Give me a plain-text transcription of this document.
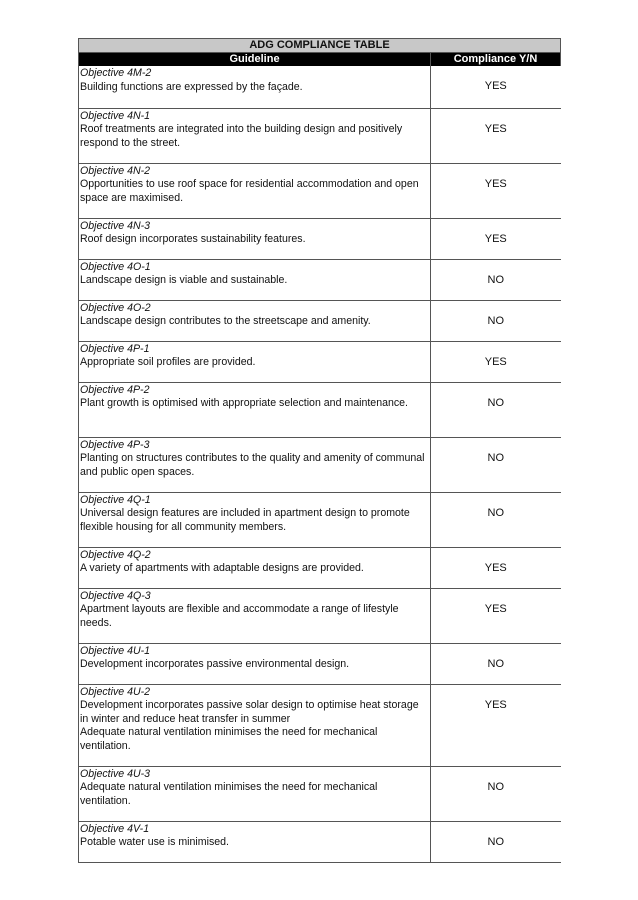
ADG COMPLIANCE TABLE	
Guideline	Compliance Y/N

Objective 4M-2
Building functions are expressed by the façade.	YES

Objective 4N-1
Roof treatments are integrated into the building design and positively respond to the street.	YES

Objective 4N-2
Opportunities to use roof space for residential accommodation and open space are maximised.	YES

Objective 4N-3
Roof design incorporates sustainability features.	YES

Objective 4O-1
Landscape design is viable and sustainable.	NO

Objective 4O-2
Landscape design contributes to the streetscape and amenity.	NO

Objective 4P-1
Appropriate soil profiles are provided.	YES

Objective 4P-2
Plant growth is optimised with appropriate selection and maintenance.	NO

Objective 4P-3
Planting on structures contributes to the quality and amenity of communal and public open spaces.	NO

Objective 4Q-1
Universal design features are included in apartment design to promote flexible housing for all community members.	NO

Objective 4Q-2
A variety of apartments with adaptable designs are provided.	YES

Objective 4Q-3
Apartment layouts are flexible and accommodate a range of lifestyle needs.	YES

Objective 4U-1
Development incorporates passive environmental design.	NO

Objective 4U-2
Development incorporates passive solar design to optimise heat storage in winter and reduce heat transfer in summer
Adequate natural ventilation minimises the need for mechanical ventilation.	YES

Objective 4U-3
Adequate natural ventilation minimises the need for mechanical ventilation.	NO

Objective 4V-1
Potable water use is minimised.	NO
